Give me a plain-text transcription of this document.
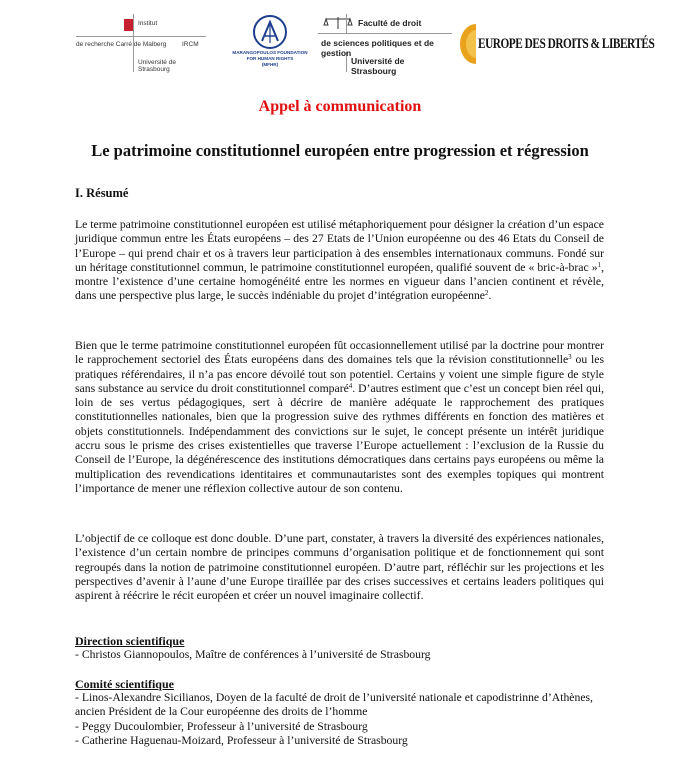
Institut
de recherche Carré de Malberg IRCM
Université de Strasbourg
MARANGOPOULOS FOUNDATION
FOR HUMAN RIGHTS
(MFHR)
Faculté de droit
de sciences politiques et de gestion
Université de Strasbourg
EUROPE DES DROITS & LIBERTÉS
Appel à communication
Le patrimoine constitutionnel européen entre progression et régression
I. Résumé

Le terme patrimoine constitutionnel européen est utilisé métaphoriquement pour désigner la création d’un espace juridique commun entre les États européens – des 27 Etats de l’Union européenne ou des 46 Etats du Conseil de l’Europe – qui prend chair et os à travers leur participation à des ensembles internationaux communs. Fondé sur un héritage constitutionnel commun, le patrimoine constitutionnel européen, qualifié souvent de « bric-à-brac »$^1$, montre l’existence d’une certaine homogénéité entre les normes en vigueur dans l’ancien continent et révèle, dans une perspective plus large, le succès indéniable du projet d’intégration européenne$^2$.

Bien que le terme patrimoine constitutionnel européen fût occasionnellement utilisé par la doctrine pour montrer le rapprochement sectoriel des États européens dans des domaines tels que la révision constitutionnelle$^3$ ou les pratiques référendaires, il n’a pas encore dévoilé tout son potentiel. Certains y voient une simple figure de style sans substance au service du droit constitutionnel comparé$^4$. D’autres estiment que c’est un concept bien réel qui, loin de ses vertus pédagogiques, sert à décrire de manière adéquate le rapprochement des pratiques constitutionnelles nationales, bien que la progression suive des rythmes différents en fonction des matières et objets constitutionnels. Indépendamment des convictions sur le sujet, le concept présente un intérêt juridique accru sous le prisme des crises existentielles que traverse l’Europe actuellement : l’exclusion de la Russie du Conseil de l’Europe, la dégénérescence des institutions démocratiques dans certains pays européens ou même la multiplication des revendications identitaires et communautaristes sont des exemples topiques qui montrent l’importance de mener une réflexion collective autour de son contenu.

L’objectif de ce colloque est donc double. D’une part, constater, à travers la diversité des expériences nationales, l’existence d’un certain nombre de principes communs d’organisation politique et de fonctionnement qui sont regroupés dans la notion de patrimoine constitutionnel européen. D’autre part, réfléchir sur les projections et les perspectives d’avenir à l’aune d’une Europe tiraillée par des crises successives et certains leaders politiques qui aspirent à réécrire le récit européen et créer un nouvel imaginaire collectif.

Direction scientifique

- Christos Giannopoulos, Maître de conférences à l’université de Strasbourg

Comité scientifique

- Linos-Alexandre Sicilianos, Doyen de la faculté de droit de l’université nationale et capodistrinne d’Athènes, ancien Président de la Cour européenne des droits de l’homme

- Peggy Ducoulombier, Professeur à l’université de Strasbourg

- Catherine Haguenau-Moizard, Professeur à l’université de Strasbourg
